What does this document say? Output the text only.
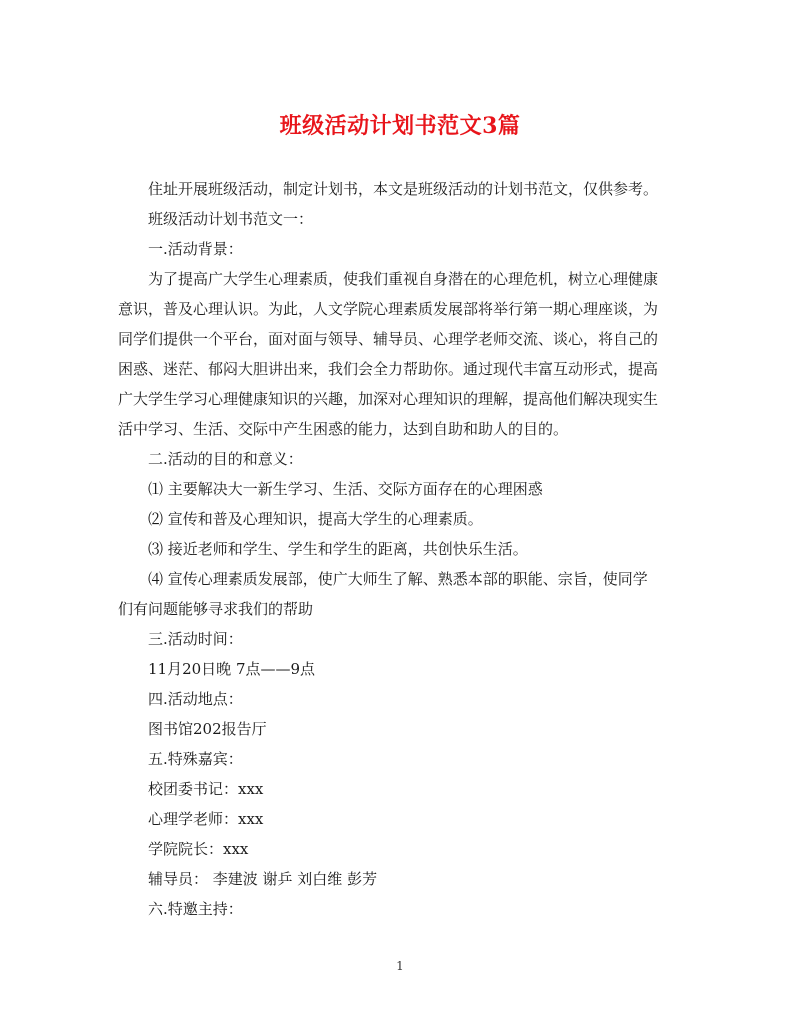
班级活动计划书范文3篇

住址开展班级活动，制定计划书，本文是班级活动的计划书范文，仅供参考。

班级活动计划书范文一：

一.活动背景：

为了提高广大学生心理素质，使我们重视自身潜在的心理危机，树立心理健康
意识，普及心理认识。为此，人文学院心理素质发展部将举行第一期心理座谈，为
同学们提供一个平台，面对面与领导、辅导员、心理学老师交流、谈心，将自己的
困惑、迷茫、郁闷大胆讲出来，我们会全力帮助你。通过现代丰富互动形式，提高
广大学生学习心理健康知识的兴趣，加深对心理知识的理解，提高他们解决现实生
活中学习、生活、交际中产生困惑的能力，达到自助和助人的目的。

二.活动的目的和意义：

⑴ 主要解决大一新生学习、生活、交际方面存在的心理困惑

⑵ 宣传和普及心理知识，提高大学生的心理素质。

⑶ 接近老师和学生、学生和学生的距离，共创快乐生活。

⑷ 宣传心理素质发展部，使广大师生了解、熟悉本部的职能、宗旨，使同学

们有问题能够寻求我们的帮助

三.活动时间：

11月20日晚 7点——9点

四.活动地点：

图书馆202报告厅

五.特殊嘉宾：

校团委书记：xxx

心理学老师：xxx

学院院长：xxx

辅导员： 李建波 谢乒 刘白维 彭芳

六.特邀主持：

1
